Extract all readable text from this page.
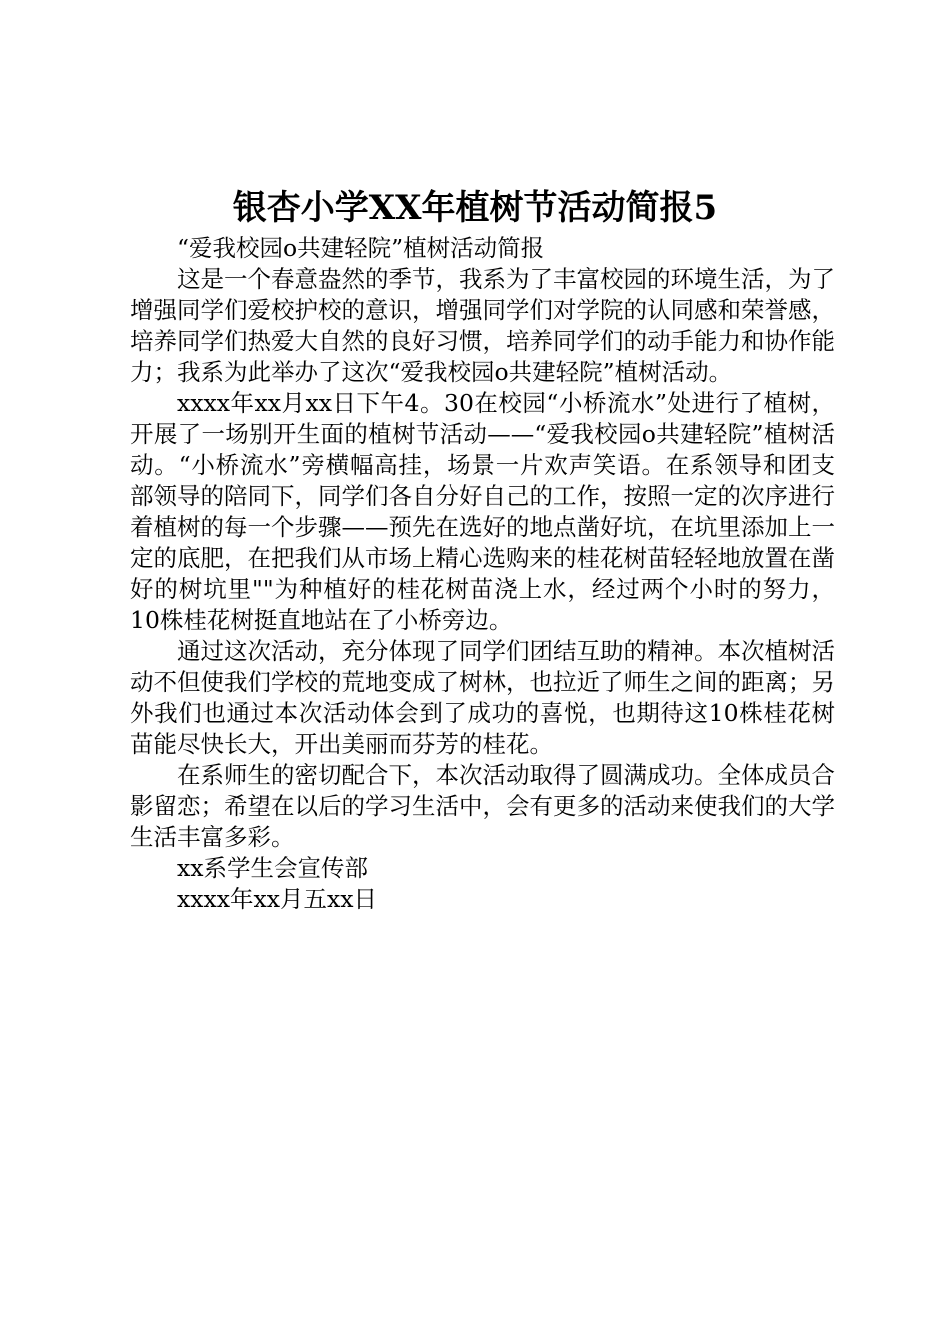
银杏小学XX年植树节活动简报5

“爱我校园o共建轻院”植树活动简报

这是一个春意盎然的季节，我系为了丰富校园的环境生活，为了增强同学们爱校护校的意识，增强同学们对学院的认同感和荣誉感，培养同学们热爱大自然的良好习惯，培养同学们的动手能力和协作能力；我系为此举办了这次“爱我校园o共建轻院”植树活动。

xxxx年xx月xx日下午4。30在校园“小桥流水”处进行了植树，开展了一场别开生面的植树节活动——“爱我校园o共建轻院”植树活动。“小桥流水”旁横幅高挂，场景一片欢声笑语。在系领导和团支部领导的陪同下，同学们各自分好自己的工作，按照一定的次序进行着植树的每一个步骤——预先在选好的地点凿好坑，在坑里添加上一定的底肥，在把我们从市场上精心选购来的桂花树苗轻轻地放置在凿好的树坑里""为种植好的桂花树苗浇上水，经过两个小时的努力，10株桂花树挺直地站在了小桥旁边。

通过这次活动，充分体现了同学们团结互助的精神。本次植树活动不但使我们学校的荒地变成了树林，也拉近了师生之间的距离；另外我们也通过本次活动体会到了成功的喜悦，也期待这10株桂花树苗能尽快长大，开出美丽而芬芳的桂花。

在系师生的密切配合下，本次活动取得了圆满成功。全体成员合影留恋；希望在以后的学习生活中，会有更多的活动来使我们的大学生活丰富多彩。

xx系学生会宣传部

xxxx年xx月五xx日
